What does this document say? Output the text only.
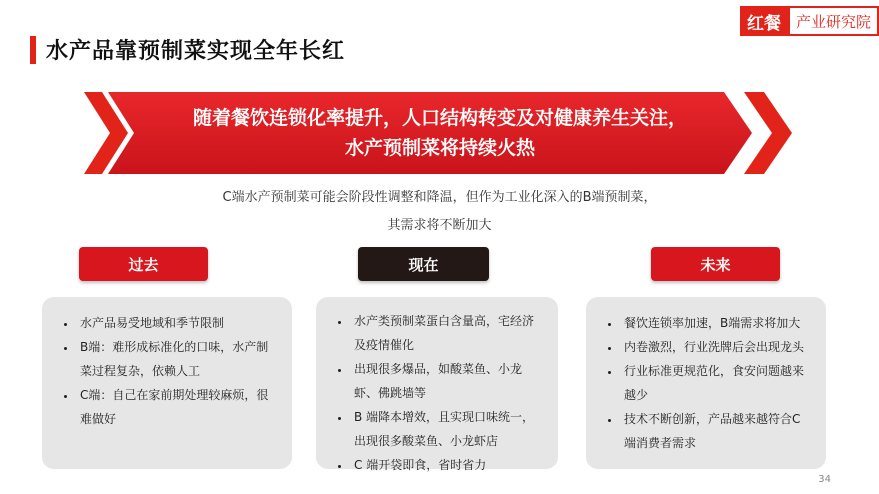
水产品靠预制菜实现全年长红
红餐	产业研究院
随着餐饮连锁化率提升，人口结构转变及对健康养生关注，
水产预制菜将持续火热
C端水产预制菜可能会阶段性调整和降温，但作为工业化深入的B端预制菜，
其需求将不断加大
过去	现在	未来
• 水产品易受地域和季节限制
• B端：难形成标准化的口味，水产制菜过程复杂，依赖人工
• C端：自己在家前期处理较麻烦，很难做好
• 水产类预制菜蛋白含量高，宅经济及疫情催化
• 出现很多爆品，如酸菜鱼、小龙虾、佛跳墙等
• B 端降本增效，且实现口味统一，出现很多酸菜鱼、小龙虾店
• C 端开袋即食，省时省力
• 餐饮连锁率加速，B端需求将加大
• 内卷激烈，行业洗牌后会出现龙头
• 行业标准更规范化，食安问题越来越少
• 技术不断创新，产品越来越符合C端消费者需求
34
